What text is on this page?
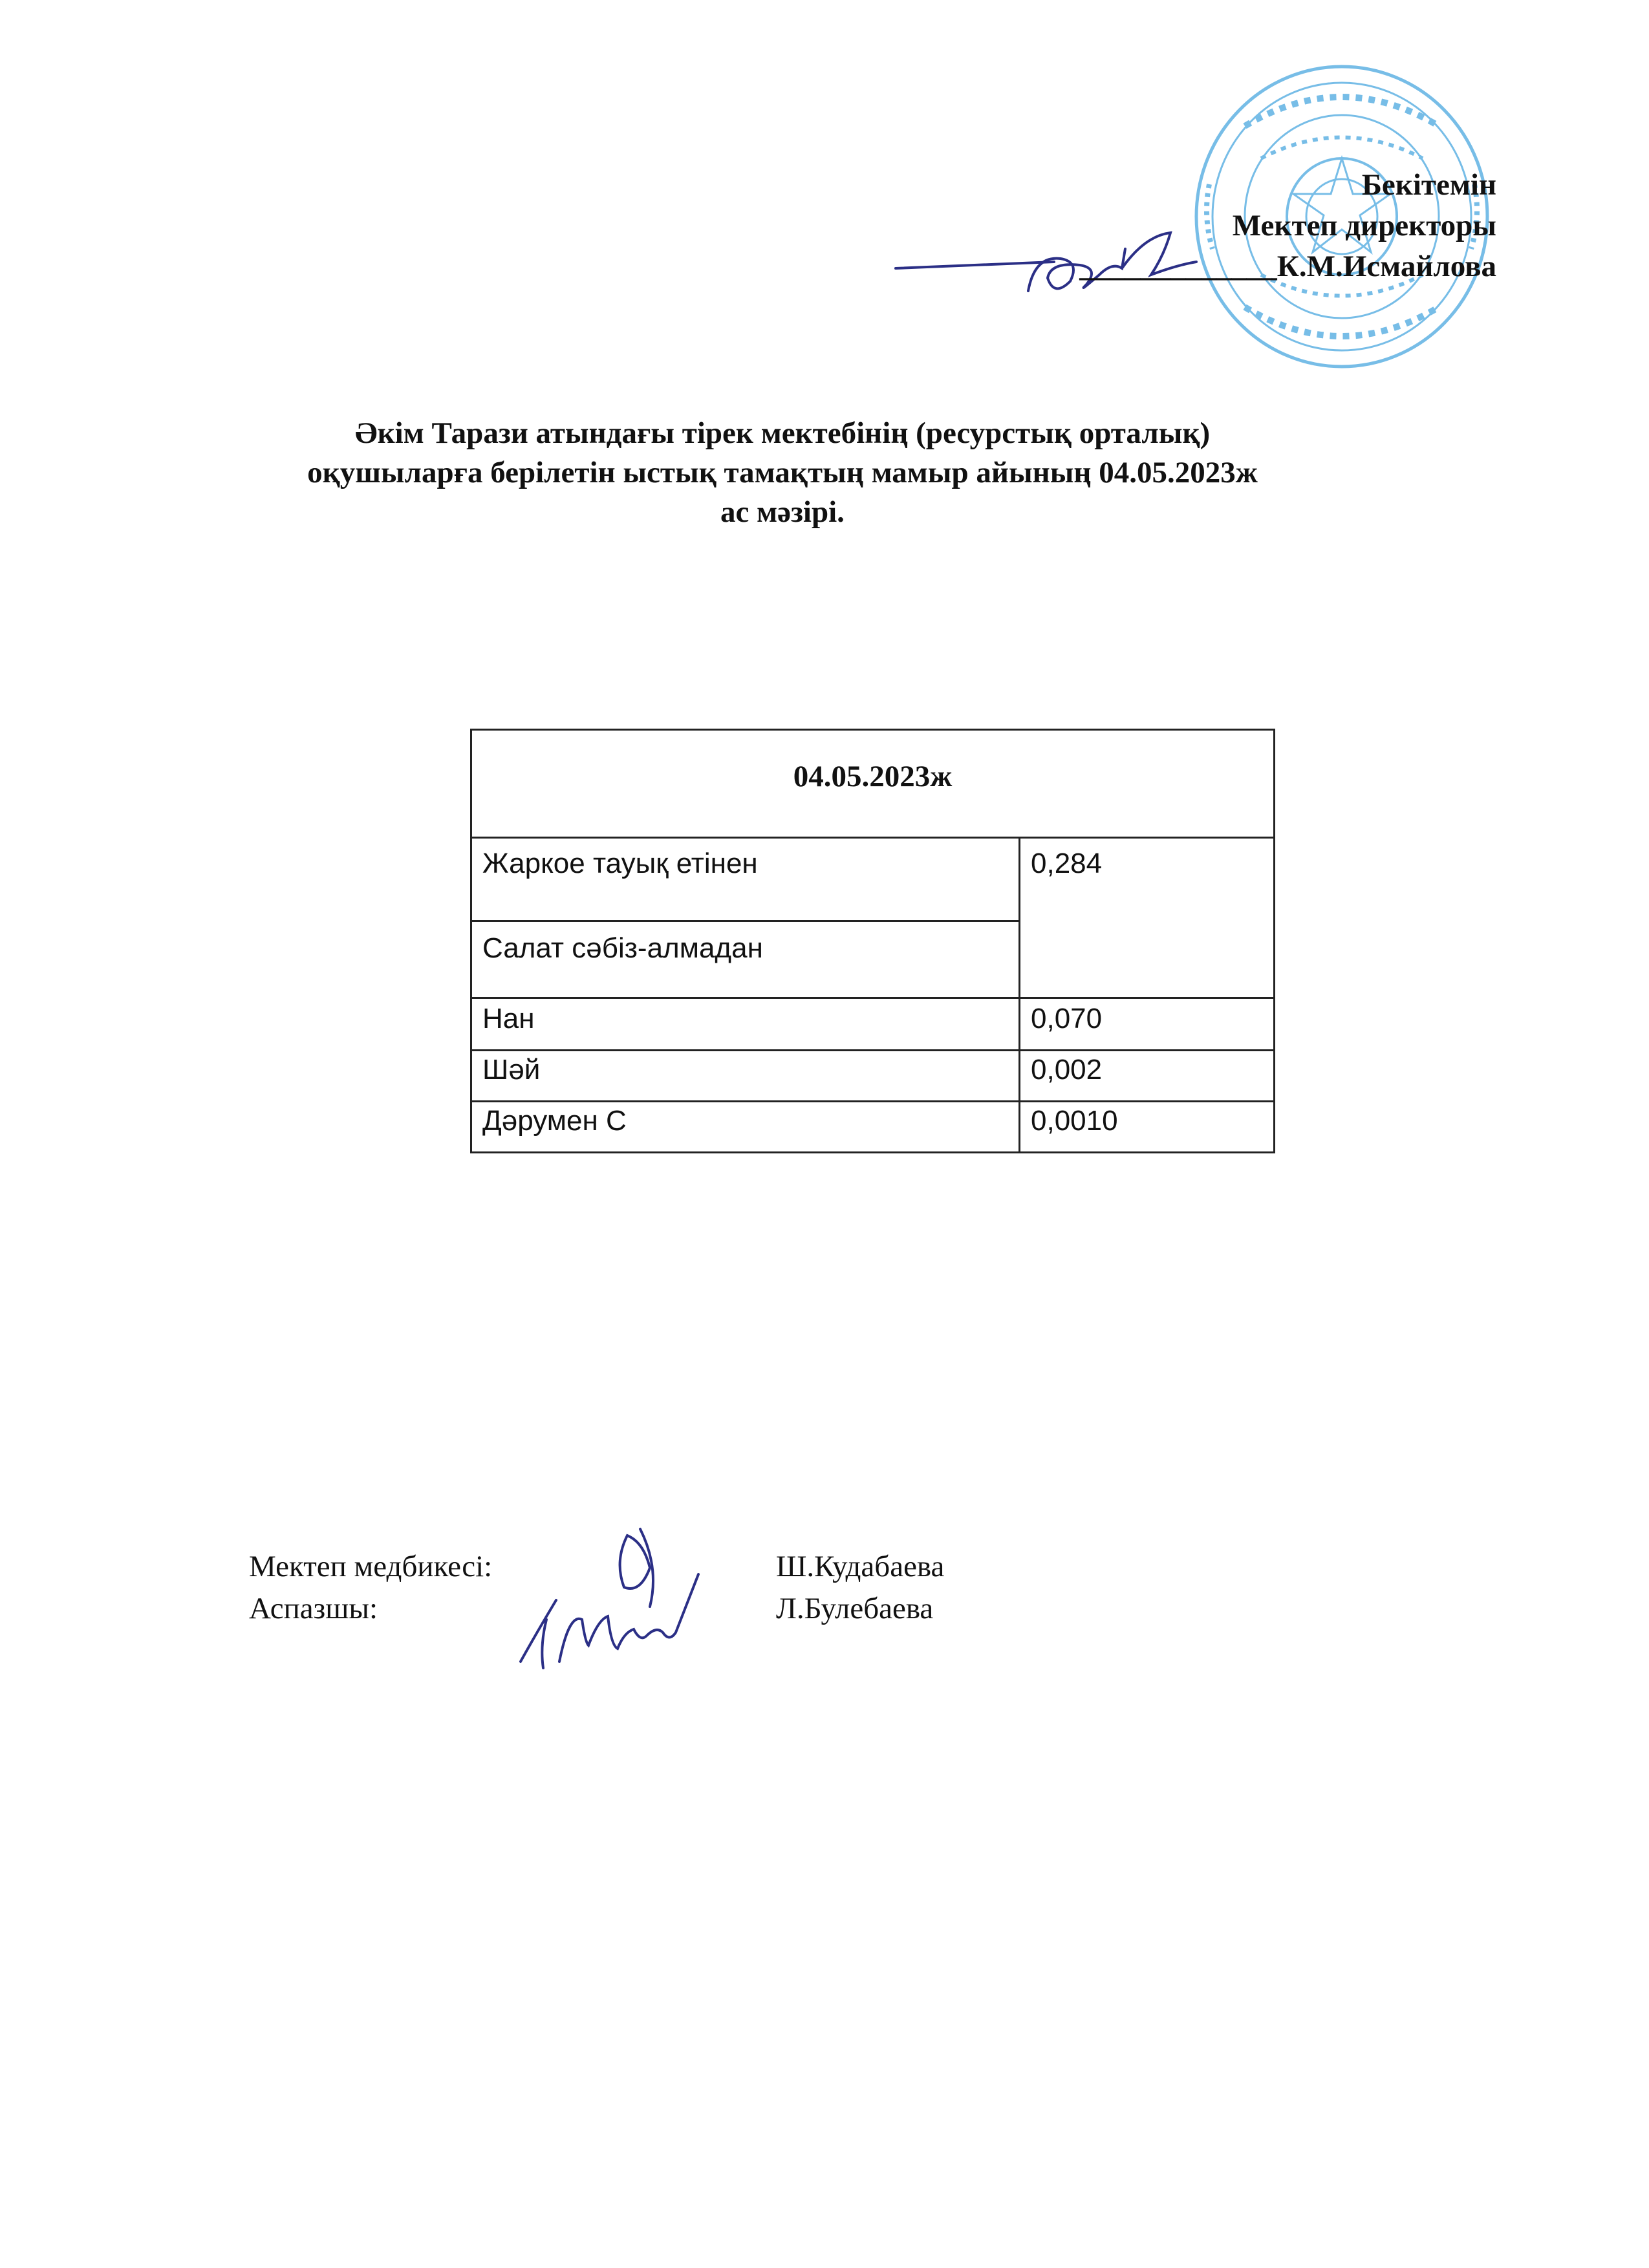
Бекітемін
Мектеп директоры
_____________К.М.Исмайлова
Әкім Тарази атындағы тірек мектебінің (ресурстық орталық)
оқушыларға берілетін ыстық тамақтың мамыр айының 04.05.2023ж
ас мәзірі.
04.05.2023ж	
Жаркое тауық етінен	0,284
Салат сәбіз-алмадан	
Нан	0,070
Шәй	0,002
Дәрумен С	0,0010
Мектеп медбикесі:	Ш.Кудабаева
Аспазшы:	Л.Булебаева
